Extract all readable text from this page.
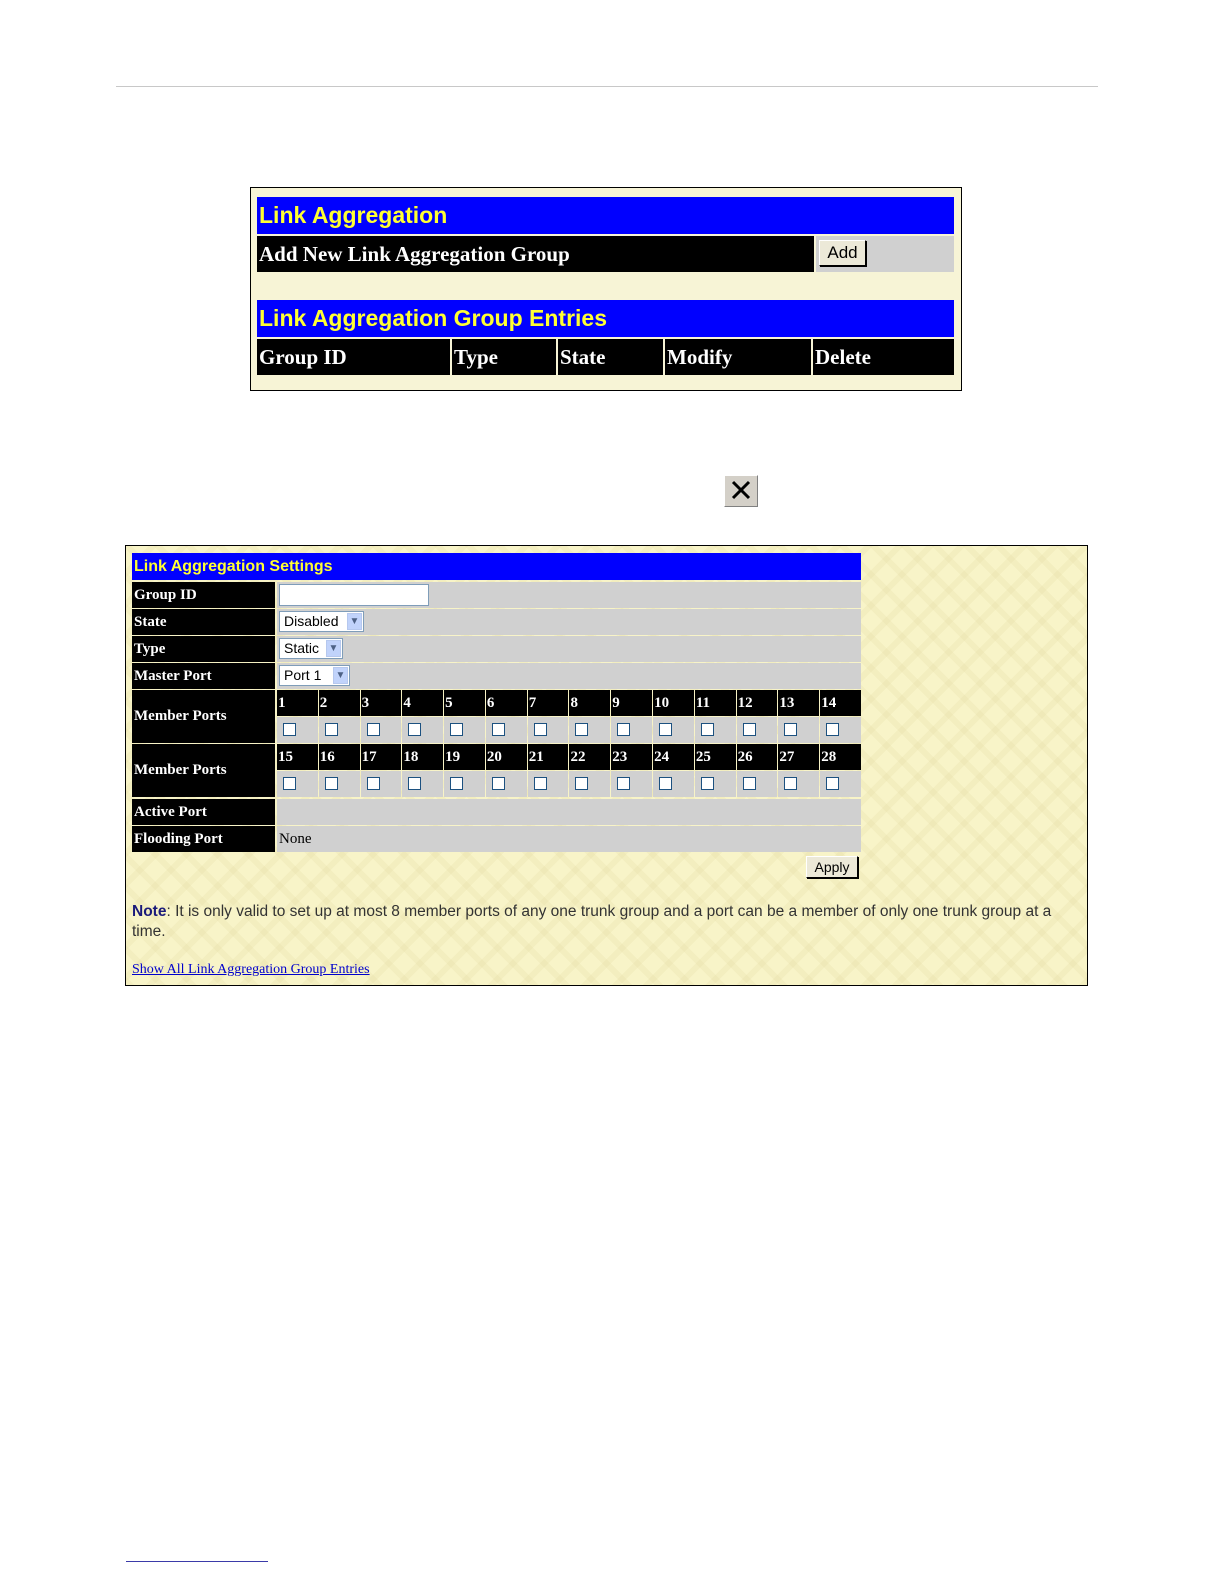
Link Aggregation
Add New Link Aggregation Group	Add
Link Aggregation Group Entries
Group ID	Type	State	Modify	Delete
Link Aggregation Settings
Group ID
State	Disabled ▼
Type	Static ▼
Master Port	Port 1 ▼
Member Ports
1	2	3	4	5	6	7	8	9	10	11	12	13	14
Member Ports
15	16	17	18	19	20	21	22	23	24	25	26	27	28
Active Port
Flooding Port	None
Apply
Note: It is only valid to set up at most 8 member ports of any one trunk group and a port can be a member of only one trunk group at a time.
Show All Link Aggregation Group Entries
